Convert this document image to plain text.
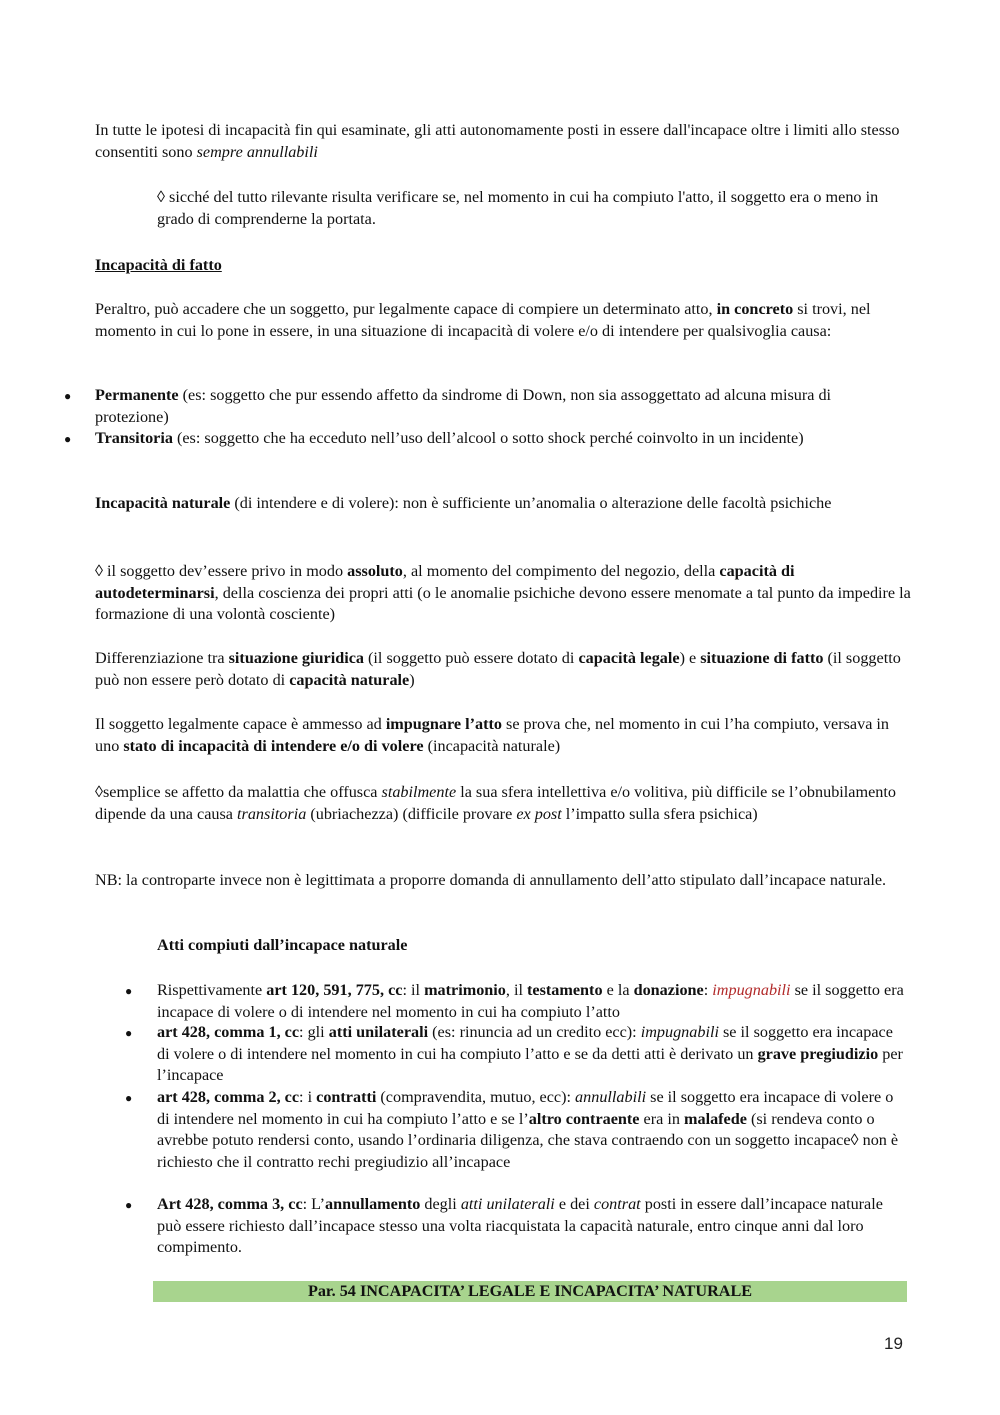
In tutte le ipotesi di incapacità fin qui esaminate, gli atti autonomamente posti in essere dall'incapace oltre i limiti allo stesso consentiti sono sempre annullabili

◊ sicché del tutto rilevante risulta verificare se, nel momento in cui ha compiuto l'atto, il soggetto era o meno in grado di comprenderne la portata.

Incapacità di fatto

Peraltro, può accadere che un soggetto, pur legalmente capace di compiere un determinato atto, in concreto si trovi, nel momento in cui lo pone in essere, in una situazione di incapacità di volere e/o di intendere per qualsivoglia causa:

● Permanente (es: soggetto che pur essendo affetto da sindrome di Down, non sia assoggettato ad alcuna misura di protezione)

● Transitoria (es: soggetto che ha ecceduto nell’uso dell’alcool o sotto shock perché coinvolto in un incidente)

Incapacità naturale (di intendere e di volere): non è sufficiente un’anomalia o alterazione delle facoltà psichiche

◊ il soggetto dev’essere privo in modo assoluto, al momento del compimento del negozio, della capacità di autodeterminarsi, della coscienza dei propri atti (o le anomalie psichiche devono essere menomate a tal punto da impedire la formazione di una volontà cosciente)

Differenziazione tra situazione giuridica (il soggetto può essere dotato di capacità legale) e situazione di fatto (il soggetto può non essere però dotato di capacità naturale)

Il soggetto legalmente capace è ammesso ad impugnare l’atto se prova che, nel momento in cui l’ha compiuto, versava in uno stato di incapacità di intendere e/o di volere (incapacità naturale)

◊semplice se affetto da malattia che offusca stabilmente la sua sfera intellettiva e/o volitiva, più difficile se l’obnubilamento dipende da una causa transitoria (ubriachezza) (difficile provare ex post l’impatto sulla sfera psichica)

NB: la controparte invece non è legittimata a proporre domanda di annullamento dell’atto stipulato dall’incapace naturale.

Atti compiuti dall’incapace naturale

● Rispettivamente art 120, 591, 775, cc: il matrimonio, il testamento e la donazione: impugnabili se il soggetto era incapace di volere o di intendere nel momento in cui ha compiuto l’atto

● art 428, comma 1, cc: gli atti unilaterali (es: rinuncia ad un credito ecc): impugnabili se il soggetto era incapace di volere o di intendere nel momento in cui ha compiuto l’atto e se da detti atti è derivato un grave pregiudizio per l’incapace

● art 428, comma 2, cc: i contratti (compravendita, mutuo, ecc): annullabili se il soggetto era incapace di volere o di intendere nel momento in cui ha compiuto l’atto e se l’altro contraente era in malafede (si rendeva conto o avrebbe potuto rendersi conto, usando l’ordinaria diligenza, che stava contraendo con un soggetto incapace◊ non è richiesto che il contratto rechi pregiudizio all’incapace

● Art 428, comma 3, cc: L’annullamento degli atti unilaterali e dei contrat posti in essere dall’incapace naturale può essere richiesto dall’incapace stesso una volta riacquistata la capacità naturale, entro cinque anni dal loro compimento.

Par. 54 INCAPACITA’ LEGALE E INCAPACITA’ NATURALE
19
